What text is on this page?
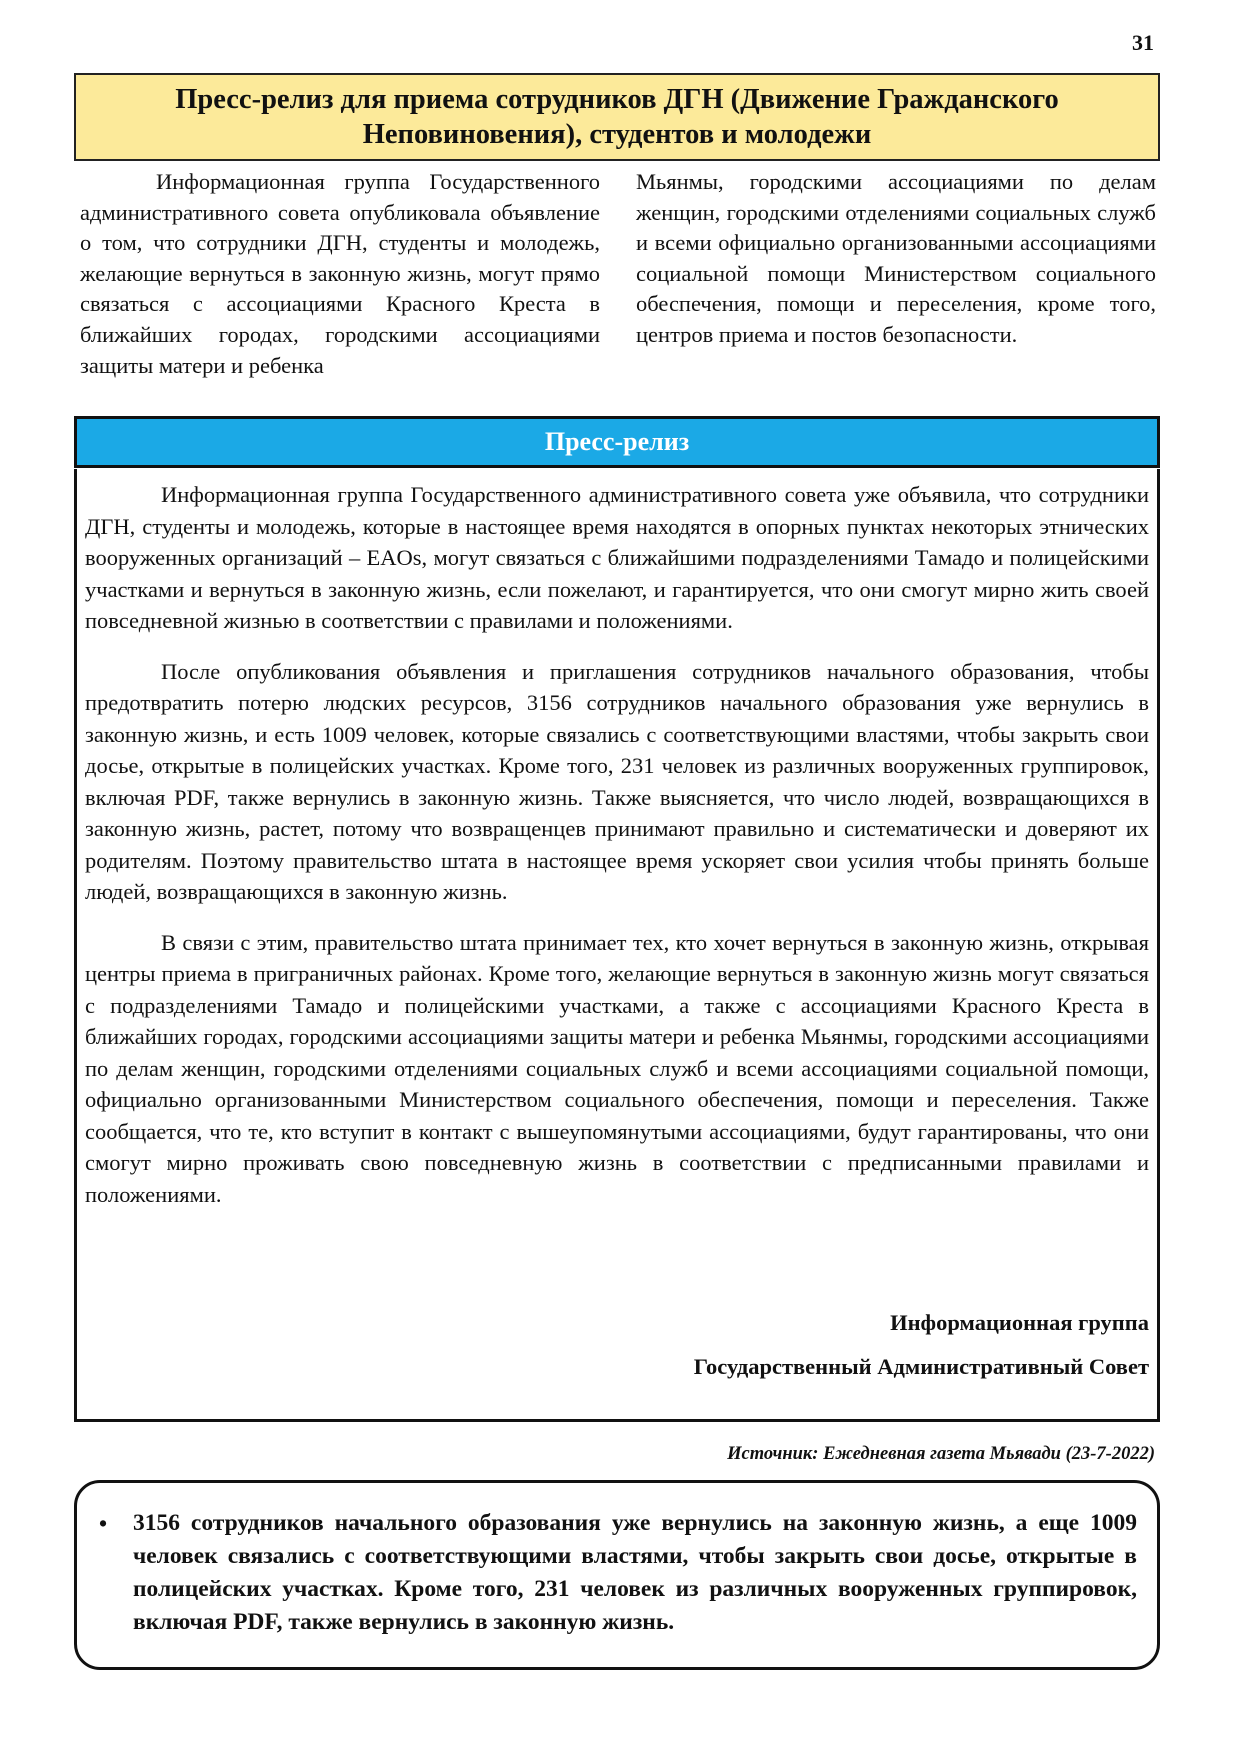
31
Пресс-релиз для приема сотрудников ДГН (Движение Гражданского Неповиновения), студентов и молодежи

Информационная группа Государственного административного совета опубликовала объявление о том, что сотрудники ДГН, студенты и молодежь, желающие вернуться в законную жизнь, могут прямо связаться с ассоциациями Красного Креста в ближайших городах, городскими ассоциациями защиты матери и ребенка

Мьянмы, городскими ассоциациями по делам женщин, городскими отделениями социальных служб и всеми официально организованными ассоциациями социальной помощи Министерством социального обеспечения, помощи и переселения, кроме того, центров приема и постов безопасности.

Пресс-релиз

Информационная группа Государственного административного совета уже объявила, что сотрудники ДГН, студенты и молодежь, которые в настоящее время находятся в опорных пунктах некоторых этнических вооруженных организаций – EAOs, могут связаться с ближайшими подразделениями Тамадо и полицейскими участками и вернуться в законную жизнь, если пожелают, и гарантируется, что они смогут мирно жить своей повседневной жизнью в соответствии с правилами и положениями.

После опубликования объявления и приглашения сотрудников начального образования, чтобы предотвратить потерю людских ресурсов, 3156 сотрудников начального образования уже вернулись в законную жизнь, и есть 1009 человек, которые связались с соответствующими властями, чтобы закрыть свои досье, открытые в полицейских участках. Кроме того, 231 человек из различных вооруженных группировок, включая PDF, также вернулись в законную жизнь. Также выясняется, что число людей, возвращающихся в законную жизнь, растет, потому что возвращенцев принимают правильно и систематически и доверяют их родителям. Поэтому правительство штата в настоящее время ускоряет свои усилия чтобы принять больше людей, возвращающихся в законную жизнь.

В связи с этим, правительство штата принимает тех, кто хочет вернуться в законную жизнь, открывая центры приема в приграничных районах. Кроме того, желающие вернуться в законную жизнь могут связаться с подразделениями Тамадо и полицейскими участками, а также с ассоциациями Красного Креста в ближайших городах, городскими ассоциациями защиты матери и ребенка Мьянмы, городскими ассоциациями по делам женщин, городскими отделениями социальных служб и всеми ассоциациями социальной помощи, официально организованными Министерством социального обеспечения, помощи и переселения. Также сообщается, что те, кто вступит в контакт с вышеупомянутыми ассоциациями, будут гарантированы, что они смогут мирно проживать свою повседневную жизнь в соответствии с предписанными правилами и положениями.

Информационная группа
Государственный Административный Совет
Источник: Ежедневная газета Мьявади (23-7-2022)
• 3156 сотрудников начального образования уже вернулись на законную жизнь, а еще 1009 человек связались с соответствующими властями, чтобы закрыть свои досье, открытые в полицейских участках. Кроме того, 231 человек из различных вооруженных группировок, включая PDF, также вернулись в законную жизнь.
